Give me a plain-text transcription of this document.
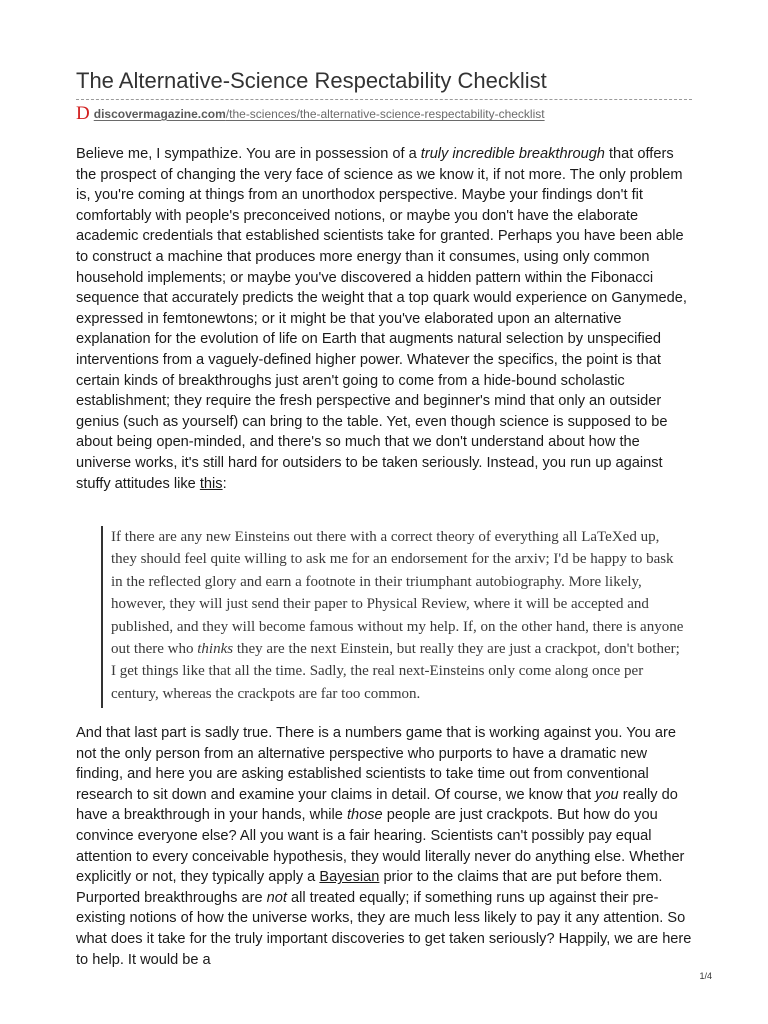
The Alternative-Science Respectability Checklist
D discovermagazine.com/the-sciences/the-alternative-science-respectability-checklist

Believe me, I sympathize. You are in possession of a truly incredible breakthrough that offers the prospect of changing the very face of science as we know it, if not more. The only problem is, you're coming at things from an unorthodox perspective. Maybe your findings don't fit comfortably with people's preconceived notions, or maybe you don't have the elaborate academic credentials that established scientists take for granted. Perhaps you have been able to construct a machine that produces more energy than it consumes, using only common household implements; or maybe you've discovered a hidden pattern within the Fibonacci sequence that accurately predicts the weight that a top quark would experience on Ganymede, expressed in femtonewtons; or it might be that you've elaborated upon an alternative explanation for the evolution of life on Earth that augments natural selection by unspecified interventions from a vaguely-defined higher power. Whatever the specifics, the point is that certain kinds of breakthroughs just aren't going to come from a hide-bound scholastic establishment; they require the fresh perspective and beginner's mind that only an outsider genius (such as yourself) can bring to the table. Yet, even though science is supposed to be about being open-minded, and there's so much that we don't understand about how the universe works, it's still hard for outsiders to be taken seriously. Instead, you run up against stuffy attitudes like this:

If there are any new Einsteins out there with a correct theory of everything all LaTeXed up, they should feel quite willing to ask me for an endorsement for the arxiv; I'd be happy to bask in the reflected glory and earn a footnote in their triumphant autobiography. More likely, however, they will just send their paper to Physical Review, where it will be accepted and published, and they will become famous without my help. If, on the other hand, there is anyone out there who thinks they are the next Einstein, but really they are just a crackpot, don't bother; I get things like that all the time. Sadly, the real next-Einsteins only come along once per century, whereas the crackpots are far too common.

And that last part is sadly true. There is a numbers game that is working against you. You are not the only person from an alternative perspective who purports to have a dramatic new finding, and here you are asking established scientists to take time out from conventional research to sit down and examine your claims in detail. Of course, we know that you really do have a breakthrough in your hands, while those people are just crackpots. But how do you convince everyone else? All you want is a fair hearing. Scientists can't possibly pay equal attention to every conceivable hypothesis, they would literally never do anything else. Whether explicitly or not, they typically apply a Bayesian prior to the claims that are put before them. Purported breakthroughs are not all treated equally; if something runs up against their pre-existing notions of how the universe works, they are much less likely to pay it any attention. So what does it take for the truly important discoveries to get taken seriously? Happily, we are here to help. It would be a

1/4
